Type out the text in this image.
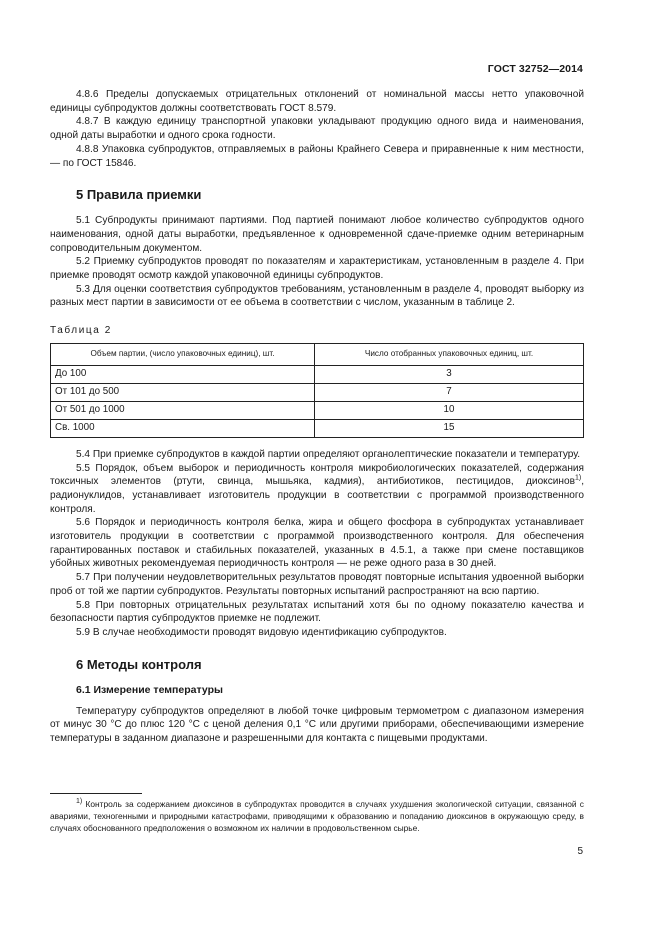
ГОСТ 32752—2014

4.8.6 Пределы допускаемых отрицательных отклонений от номинальной массы нетто упаковочной единицы субпродуктов должны соответствовать ГОСТ 8.579.

4.8.7 В каждую единицу транспортной упаковки укладывают продукцию одного вида и наименования, одной даты выработки и одного срока годности.

4.8.8 Упаковка субпродуктов, отправляемых в районы Крайнего Севера и приравненные к ним местности, — по ГОСТ 15846.

5 Правила приемки

5.1 Субпродукты принимают партиями. Под партией понимают любое количество субпродуктов одного наименования, одной даты выработки, предъявленное к одновременной сдаче-приемке одним ветеринарным сопроводительным документом.

5.2 Приемку субпродуктов проводят по показателям и характеристикам, установленным в разделе 4. При приемке проводят осмотр каждой упаковочной единицы субпродуктов.

5.3 Для оценки соответствия субпродуктов требованиям, установленным в разделе 4, проводят выборку из разных мест партии в зависимости от ее объема в соответствии с числом, указанным в таблице 2.

Таблица 2
Объем партии, (число упаковочных единиц), шт.	Число отобранных упаковочных единиц, шт.
До 100	3
От 101 до 500	7
От 501 до 1000	10
Св. 1000	15

5.4 При приемке субпродуктов в каждой партии определяют органолептические показатели и температуру.

5.5 Порядок, объем выборок и периодичность контроля микробиологических показателей, содержания токсичных элементов (ртути, свинца, мышьяка, кадмия), антибиотиков, пестицидов, диоксинов$^{1)}$, радионуклидов, устанавливает изготовитель продукции в соответствии с программой производственного контроля.

5.6 Порядок и периодичность контроля белка, жира и общего фосфора в субпродуктах устанавливает изготовитель продукции в соответствии с программой производственного контроля. Для обеспечения гарантированных поставок и стабильных показателей, указанных в 4.5.1, а также при смене поставщиков убойных животных рекомендуемая периодичность контроля — не реже одного раза в 30 дней.

5.7 При получении неудовлетворительных результатов проводят повторные испытания удвоенной выборки проб от той же партии субпродуктов. Результаты повторных испытаний распространяют на всю партию.

5.8 При повторных отрицательных результатах испытаний хотя бы по одному показателю качества и безопасности партия субпродуктов приемке не подлежит.

5.9 В случае необходимости проводят видовую идентификацию субпродуктов.

6 Методы контроля
6.1 Измерение температуры

Температуру субпродуктов определяют в любой точке цифровым термометром с диапазоном измерения от минус 30 °С до плюс 120 °С с ценой деления 0,1 °С или другими приборами, обеспечивающими измерение температуры в заданном диапазоне и разрешенными для контакта с пищевыми продуктами.

$^{1)}$ Контроль за содержанием диоксинов в субпродуктах проводится в случаях ухудшения экологической ситуации, связанной с авариями, техногенными и природными катастрофами, приводящими к образованию и попаданию диоксинов в окружающую среду, в случаях обоснованного предположения о возможном их наличии в продовольственном сырье.
5
